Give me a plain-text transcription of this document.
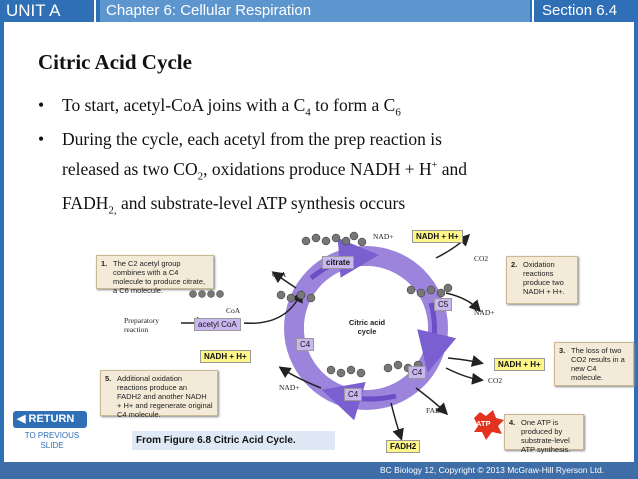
UNIT A	Chapter 6: Cellular Respiration	Section 6.4
Citric Acid Cycle
• To start, acetyl-CoA joins with a $C_4$ to form a $C_6$
• During the cycle, each acetyl from the prep reaction is
released as two $CO_2$, oxidations produce NADH + H+ and
$FADH_{2,}$ and substrate-level ATP synthesis occurs
1. The C2 acetyl group combines with a C4 molecule to produce citrate, a C6 molecule.
2. Oxidation reactions produce two NADH + H+.
3. The loss of two CO2 results in a new C4 molecule.
4. One ATP is produced by substrate-level ATP synthesis.
5. Additional oxidation reactions produce an FADH2 and another NADH + H+ and regenerate original C4 molecule.
NADH + H+
NAD+
CO2
CoA
CoA
citrate
acetyl CoA
Preparatory reaction
Citric acid cycle
C5
C4
C4
C4
NAD+
NADH + H+
CO2
NADH + H+
NAD+
FAD
FADH2
ATP
From Figure 6.8 Citric Acid Cycle.
◀ RETURN
TO PREVIOUS SLIDE
BC Biology 12, Copyright © 2013 McGraw-Hill Ryerson Ltd.
